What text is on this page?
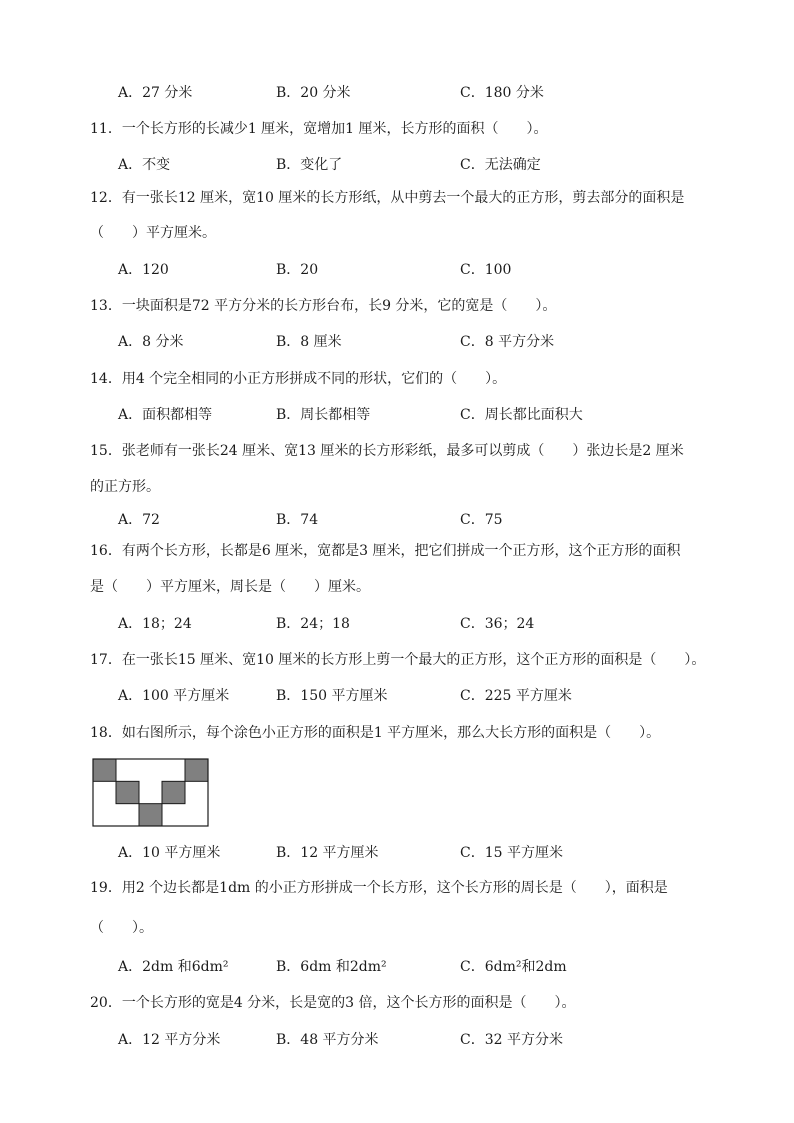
A．27 分米	B．20 分米	C．180 分米
11．一个长方形的长减少1 厘米，宽增加1 厘米，长方形的面积（　　）。
A．不变	B．变化了	C．无法确定
12．有一张长12 厘米，宽10 厘米的长方形纸，从中剪去一个最大的正方形，剪去部分的面积是
（　　）平方厘米。
A．120	B．20	C．100
13．一块面积是72 平方分米的长方形台布，长9 分米，它的宽是（　　）。
A．8 分米	B．8 厘米	C．8 平方分米
14．用4 个完全相同的小正方形拼成不同的形状，它们的（　　）。
A．面积都相等	B．周长都相等	C．周长都比面积大
15．张老师有一张长24 厘米、宽13 厘米的长方形彩纸，最多可以剪成（　　）张边长是2 厘米
的正方形。
A．72	B．74	C．75
16．有两个长方形，长都是6 厘米，宽都是3 厘米，把它们拼成一个正方形，这个正方形的面积
是（　　）平方厘米，周长是（　　）厘米。
A．18；24	B．24；18	C．36；24
17．在一张长15 厘米、宽10 厘米的长方形上剪一个最大的正方形，这个正方形的面积是（　　）。
A．100 平方厘米	B．150 平方厘米	C．225 平方厘米
18．如右图所示，每个涂色小正方形的面积是1 平方厘米，那么大长方形的面积是（　　）。
A．10 平方厘米	B．12 平方厘米	C．15 平方厘米
19．用2 个边长都是1dm 的小正方形拼成一个长方形，这个长方形的周长是（　　），面积是
（　　）。
A．2dm 和6dm²	B．6dm 和2dm²	C．6dm²和2dm
20．一个长方形的宽是4 分米，长是宽的3 倍，这个长方形的面积是（　　）。
A．12 平方分米	B．48 平方分米	C．32 平方分米
